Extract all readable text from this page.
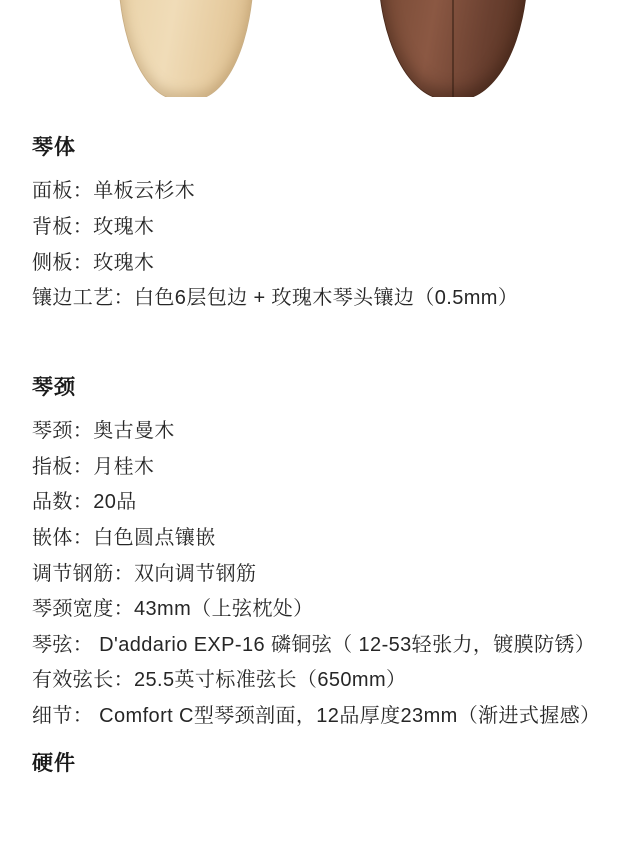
琴体
面板：单板云杉木
背板：玫瑰木
侧板：玫瑰木
镶边工艺：白色6层包边 + 玫瑰木琴头镶边（0.5mm）
琴颈
琴颈：奥古曼木
指板：月桂木
品数：20品
嵌体：白色圆点镶嵌
调节钢筋：双向调节钢筋
琴颈宽度：43mm（上弦枕处）
琴弦： D'addario EXP-16 磷铜弦（ 12-53轻张力，镀膜防锈）
有效弦长：25.5英寸标准弦长（650mm）
细节： Comfort C型琴颈剖面，12品厚度23mm（渐进式握感）
硬件
